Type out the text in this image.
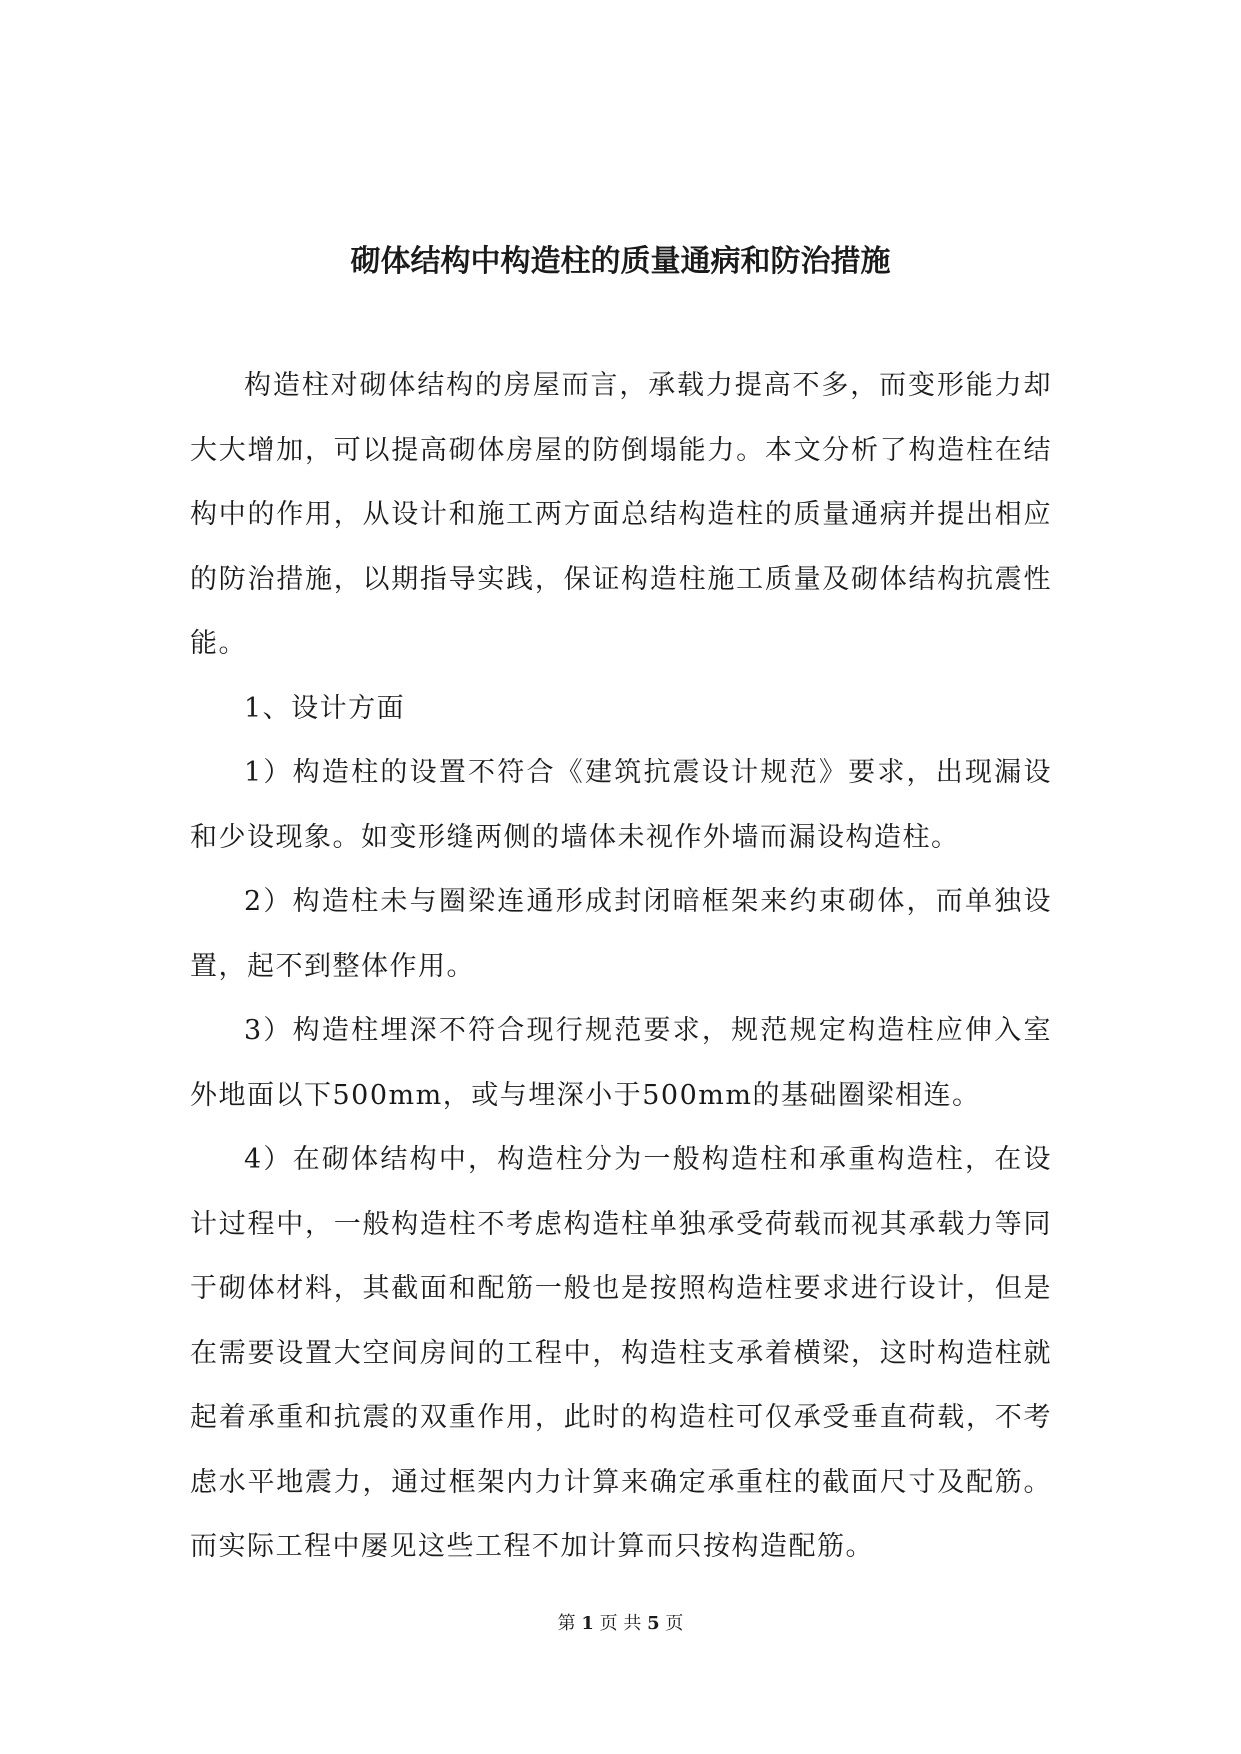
砌体结构中构造柱的质量通病和防治措施

构造柱对砌体结构的房屋而言，承载力提高不多，而变形能力却大大增加，可以提高砌体房屋的防倒塌能力。本文分析了构造柱在结构中的作用，从设计和施工两方面总结构造柱的质量通病并提出相应的防治措施，以期指导实践，保证构造柱施工质量及砌体结构抗震性能。

1、设计方面

1）构造柱的设置不符合《建筑抗震设计规范》要求，出现漏设和少设现象。如变形缝两侧的墙体未视作外墙而漏设构造柱。

2）构造柱未与圈梁连通形成封闭暗框架来约束砌体，而单独设置，起不到整体作用。

3）构造柱埋深不符合现行规范要求，规范规定构造柱应伸入室外地面以下500mm，或与埋深小于500mm的基础圈梁相连。

4）在砌体结构中，构造柱分为一般构造柱和承重构造柱，在设计过程中，一般构造柱不考虑构造柱单独承受荷载而视其承载力等同于砌体材料，其截面和配筋一般也是按照构造柱要求进行设计，但是在需要设置大空间房间的工程中，构造柱支承着横梁，这时构造柱就起着承重和抗震的双重作用，此时的构造柱可仅承受垂直荷载，不考虑水平地震力，通过框架内力计算来确定承重柱的截面尺寸及配筋。而实际工程中屡见这些工程不加计算而只按构造配筋。

第 1 页 共 5 页
